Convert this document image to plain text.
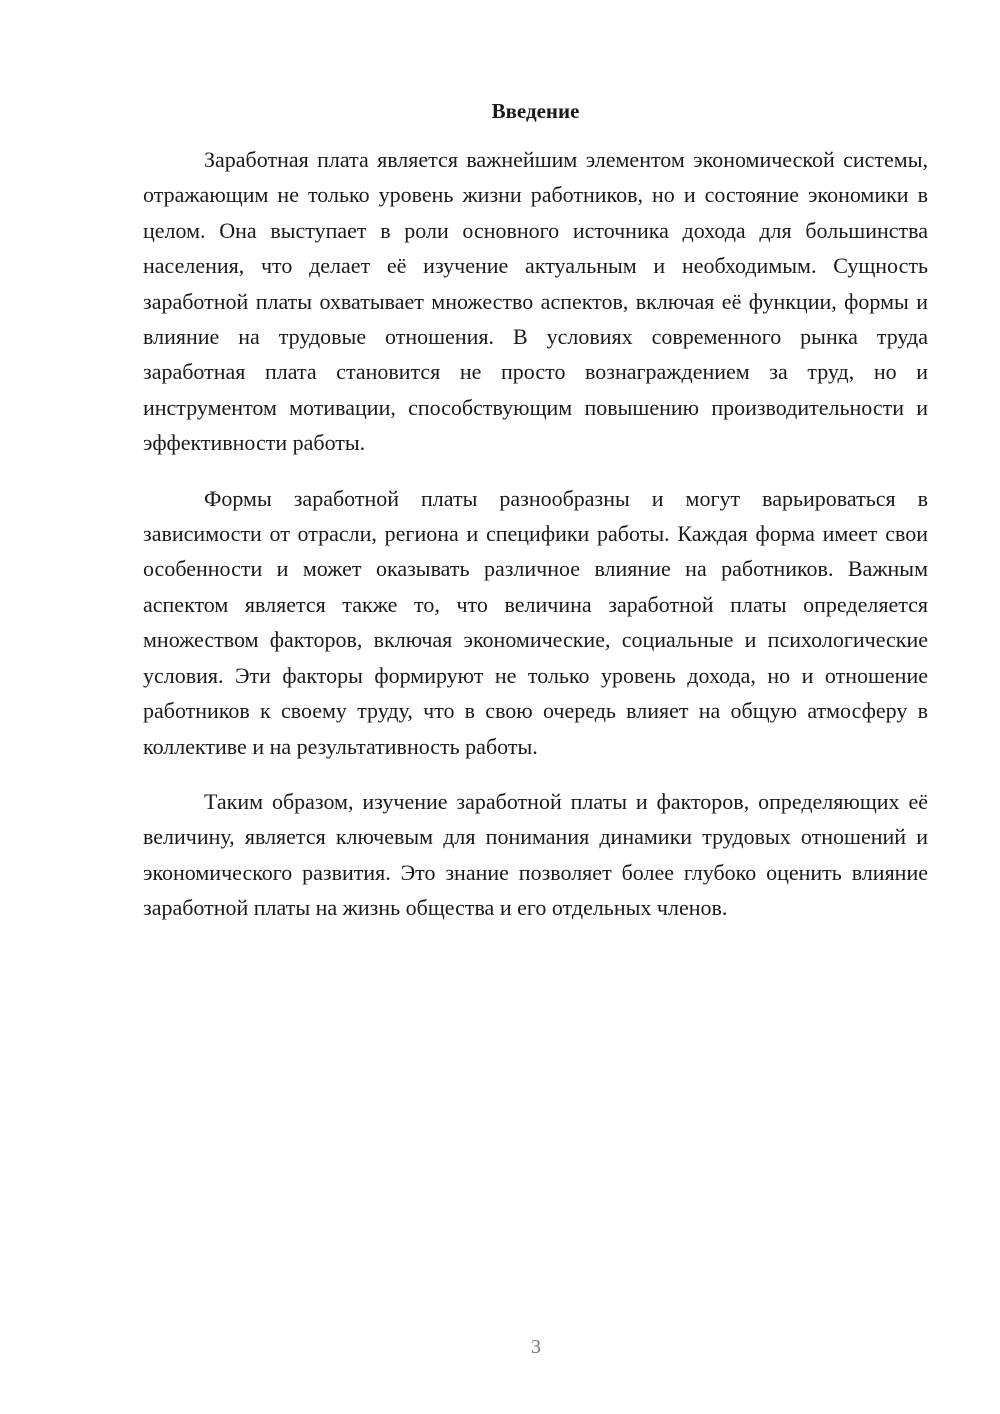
Введение

Заработная плата является важнейшим элементом экономической системы, отражающим не только уровень жизни работников, но и состояние экономики в целом. Она выступает в роли основного источника дохода для большинства населения, что делает её изучение актуальным и необходимым. Сущность заработной платы охватывает множество аспектов, включая её функции, формы и влияние на трудовые отношения. В условиях современного рынка труда заработная плата становится не просто вознаграждением за труд, но и инструментом мотивации, способствующим повышению производительности и эффективности работы.

Формы заработной платы разнообразны и могут варьироваться в зависимости от отрасли, региона и специфики работы. Каждая форма имеет свои особенности и может оказывать различное влияние на работников. Важным аспектом является также то, что величина заработной платы определяется множеством факторов, включая экономические, социальные и психологические условия. Эти факторы формируют не только уровень дохода, но и отношение работников к своему труду, что в свою очередь влияет на общую атмосферу в коллективе и на результативность работы.

Таким образом, изучение заработной платы и факторов, определяющих её величину, является ключевым для понимания динамики трудовых отношений и экономического развития. Это знание позволяет более глубоко оценить влияние заработной платы на жизнь общества и его отдельных членов.

3
